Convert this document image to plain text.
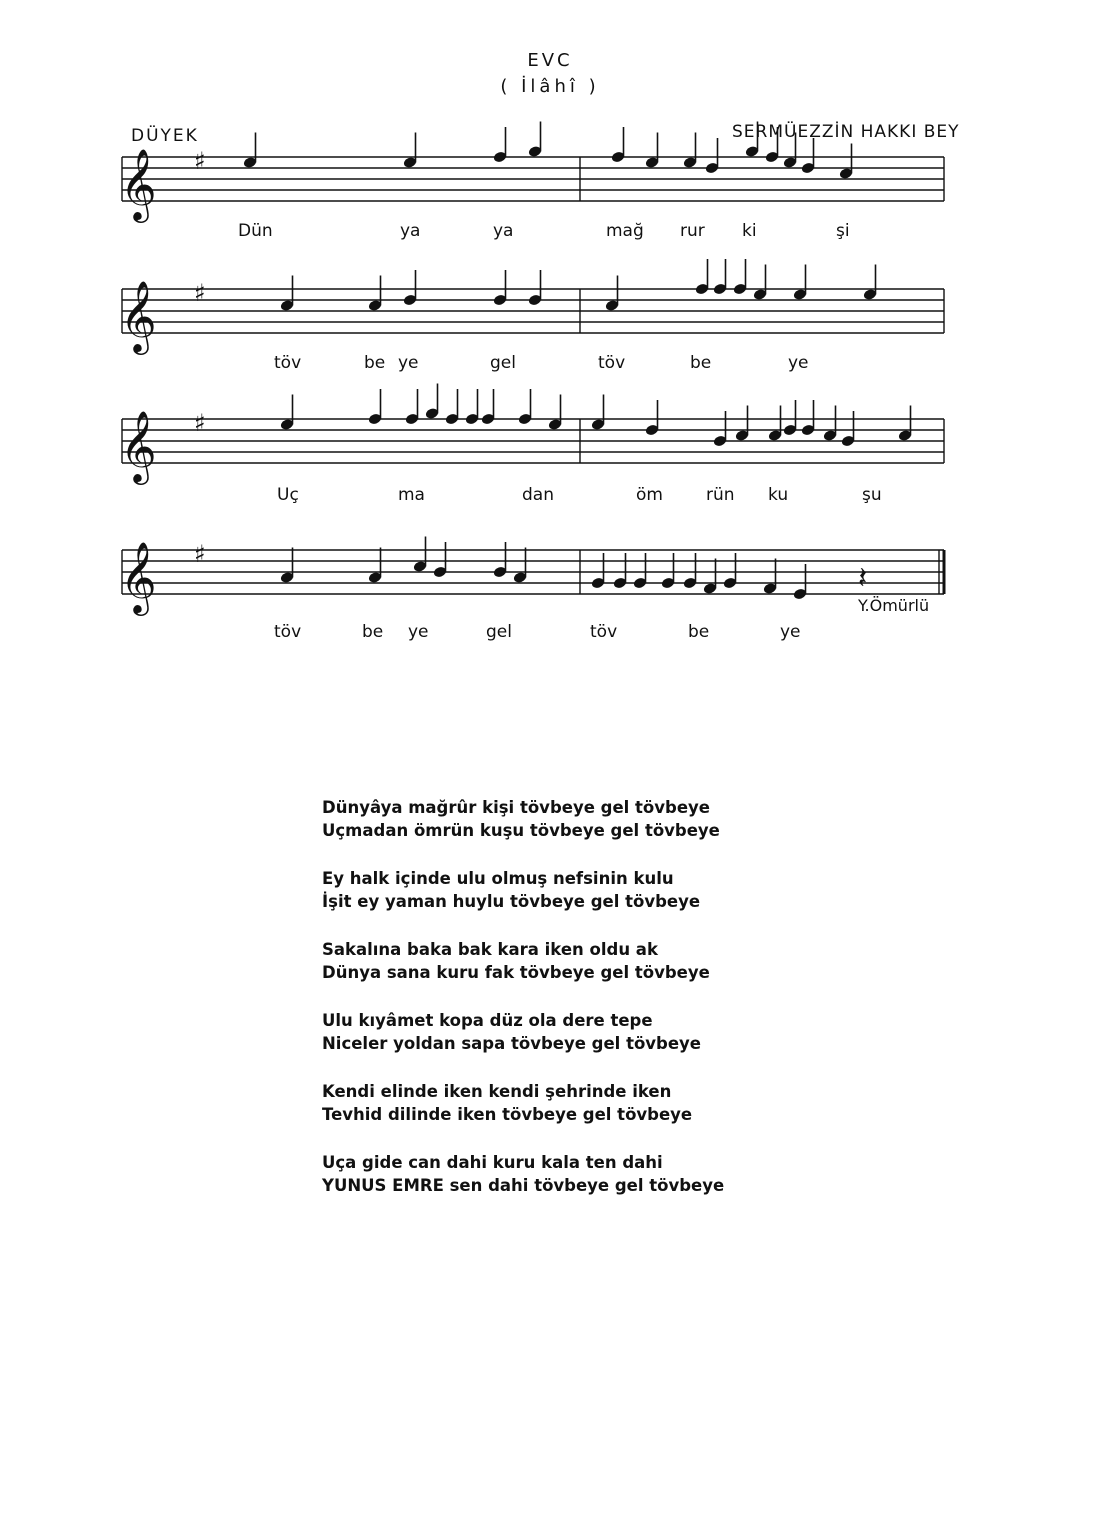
EVC
( İlâhî )
DÜYEK	SERMÜEZZİN HAKKI BEY
𝄞 ♯
𝄞 ♯
𝄞 ♯
𝄞 ♯
𝄽
Dün	ya	ya	mağ rur ki	şi
töv	be ye	gel	töv	be	ye
Uç	ma	dan	öm	rün ku	şu
töv	be ye	gel	töv	be	ye
Y.Ömürlü
Dünyâya mağrûr kişi tövbeye gel tövbeye
Uçmadan ömrün kuşu tövbeye gel tövbeye
Ey halk içinde ulu olmuş nefsinin kulu
İşit ey yaman huylu tövbeye gel tövbeye
Sakalına baka bak kara iken oldu ak
Dünya sana kuru fak tövbeye gel tövbeye
Ulu kıyâmet kopa düz ola dere tepe
Niceler yoldan sapa tövbeye gel tövbeye
Kendi elinde iken kendi şehrinde iken
Tevhid dilinde iken tövbeye gel tövbeye
Uça gide can dahi kuru kala ten dahi
YUNUS EMRE sen dahi tövbeye gel tövbeye
